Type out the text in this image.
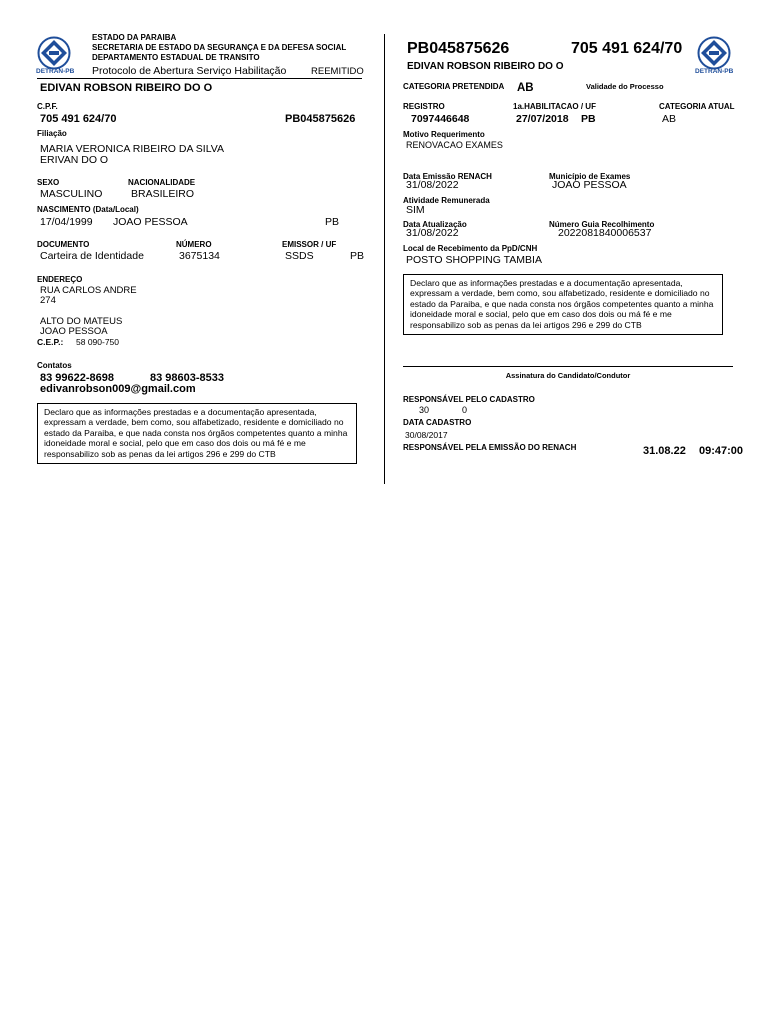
DETRAN-PB
ESTADO DA PARAIBA
SECRETARIA DE ESTADO DA SEGURANÇA E DA DEFESA SOCIAL
DEPARTAMENTO ESTADUAL DE TRANSITO
Protocolo de Abertura Serviço Habilitação	REEMITIDO
EDIVAN ROBSON RIBEIRO DO O
C.P.F.
705 491 624/70	PB045875626
Filiação
MARIA VERONICA RIBEIRO DA SILVA
ERIVAN DO O
SEXO	NACIONALIDADE
MASCULINO	BRASILEIRO
NASCIMENTO (Data/Local)
17/04/1999 JOAO PESSOA	PB
DOCUMENTO	NÚMERO	EMISSOR / UF
Carteira de Identidade	3675134	SSDS	PB
ENDEREÇO
RUA CARLOS ANDRE
274
ALTO DO MATEUS
JOAO PESSOA
C.E.P.: 58 090-750
Contatos
83 99622-8698	83 98603-8533
edivanrobson009@gmail.com
Declaro que as informações prestadas e a documentação apresentada, expressam a verdade, bem como, sou alfabetizado, residente e domiciliado no estado da Paraiba, e que nada consta nos órgãos competentes quanto a minha idoneidade moral e social, pelo que em caso dos dois ou má fé e me responsabilizo sob as penas da lei artigos 296 e 299 do CTB
PB045875626	705 491 624/70
DETRAN-PB
EDIVAN ROBSON RIBEIRO DO O
CATEGORIA PRETENDIDA AB	Validade do Processo
REGISTRO	1a.HABILITACAO / UF	CATEGORIA ATUAL
7097446648	27/07/2018 PB	AB
Motivo Requerimento
RENOVACAO EXAMES
Data Emissão RENACH	Município de Exames
31/08/2022	JOAO PESSOA
Atividade Remunerada
SIM
Data Atualização	Número Guia Recolhimento
31/08/2022	2022081840006537
Local de Recebimento da PpD/CNH
POSTO SHOPPING TAMBIA
Declaro que as informações prestadas e a documentação apresentada, expressam a verdade, bem como, sou alfabetizado, residente e domiciliado no estado da Paraiba, e que nada consta nos órgãos competentes quanto a minha idoneidade moral e social, pelo que em caso dos dois ou má fé e me responsabilizo sob as penas da lei artigos 296 e 299 do CTB
Assinatura do Candidato/Condutor
RESPONSÁVEL PELO CADASTRO
30	0
DATA CADASTRO
30/08/2017
RESPONSÁVEL PELA EMISSÃO DO RENACH	31.08.22 09:47:00
